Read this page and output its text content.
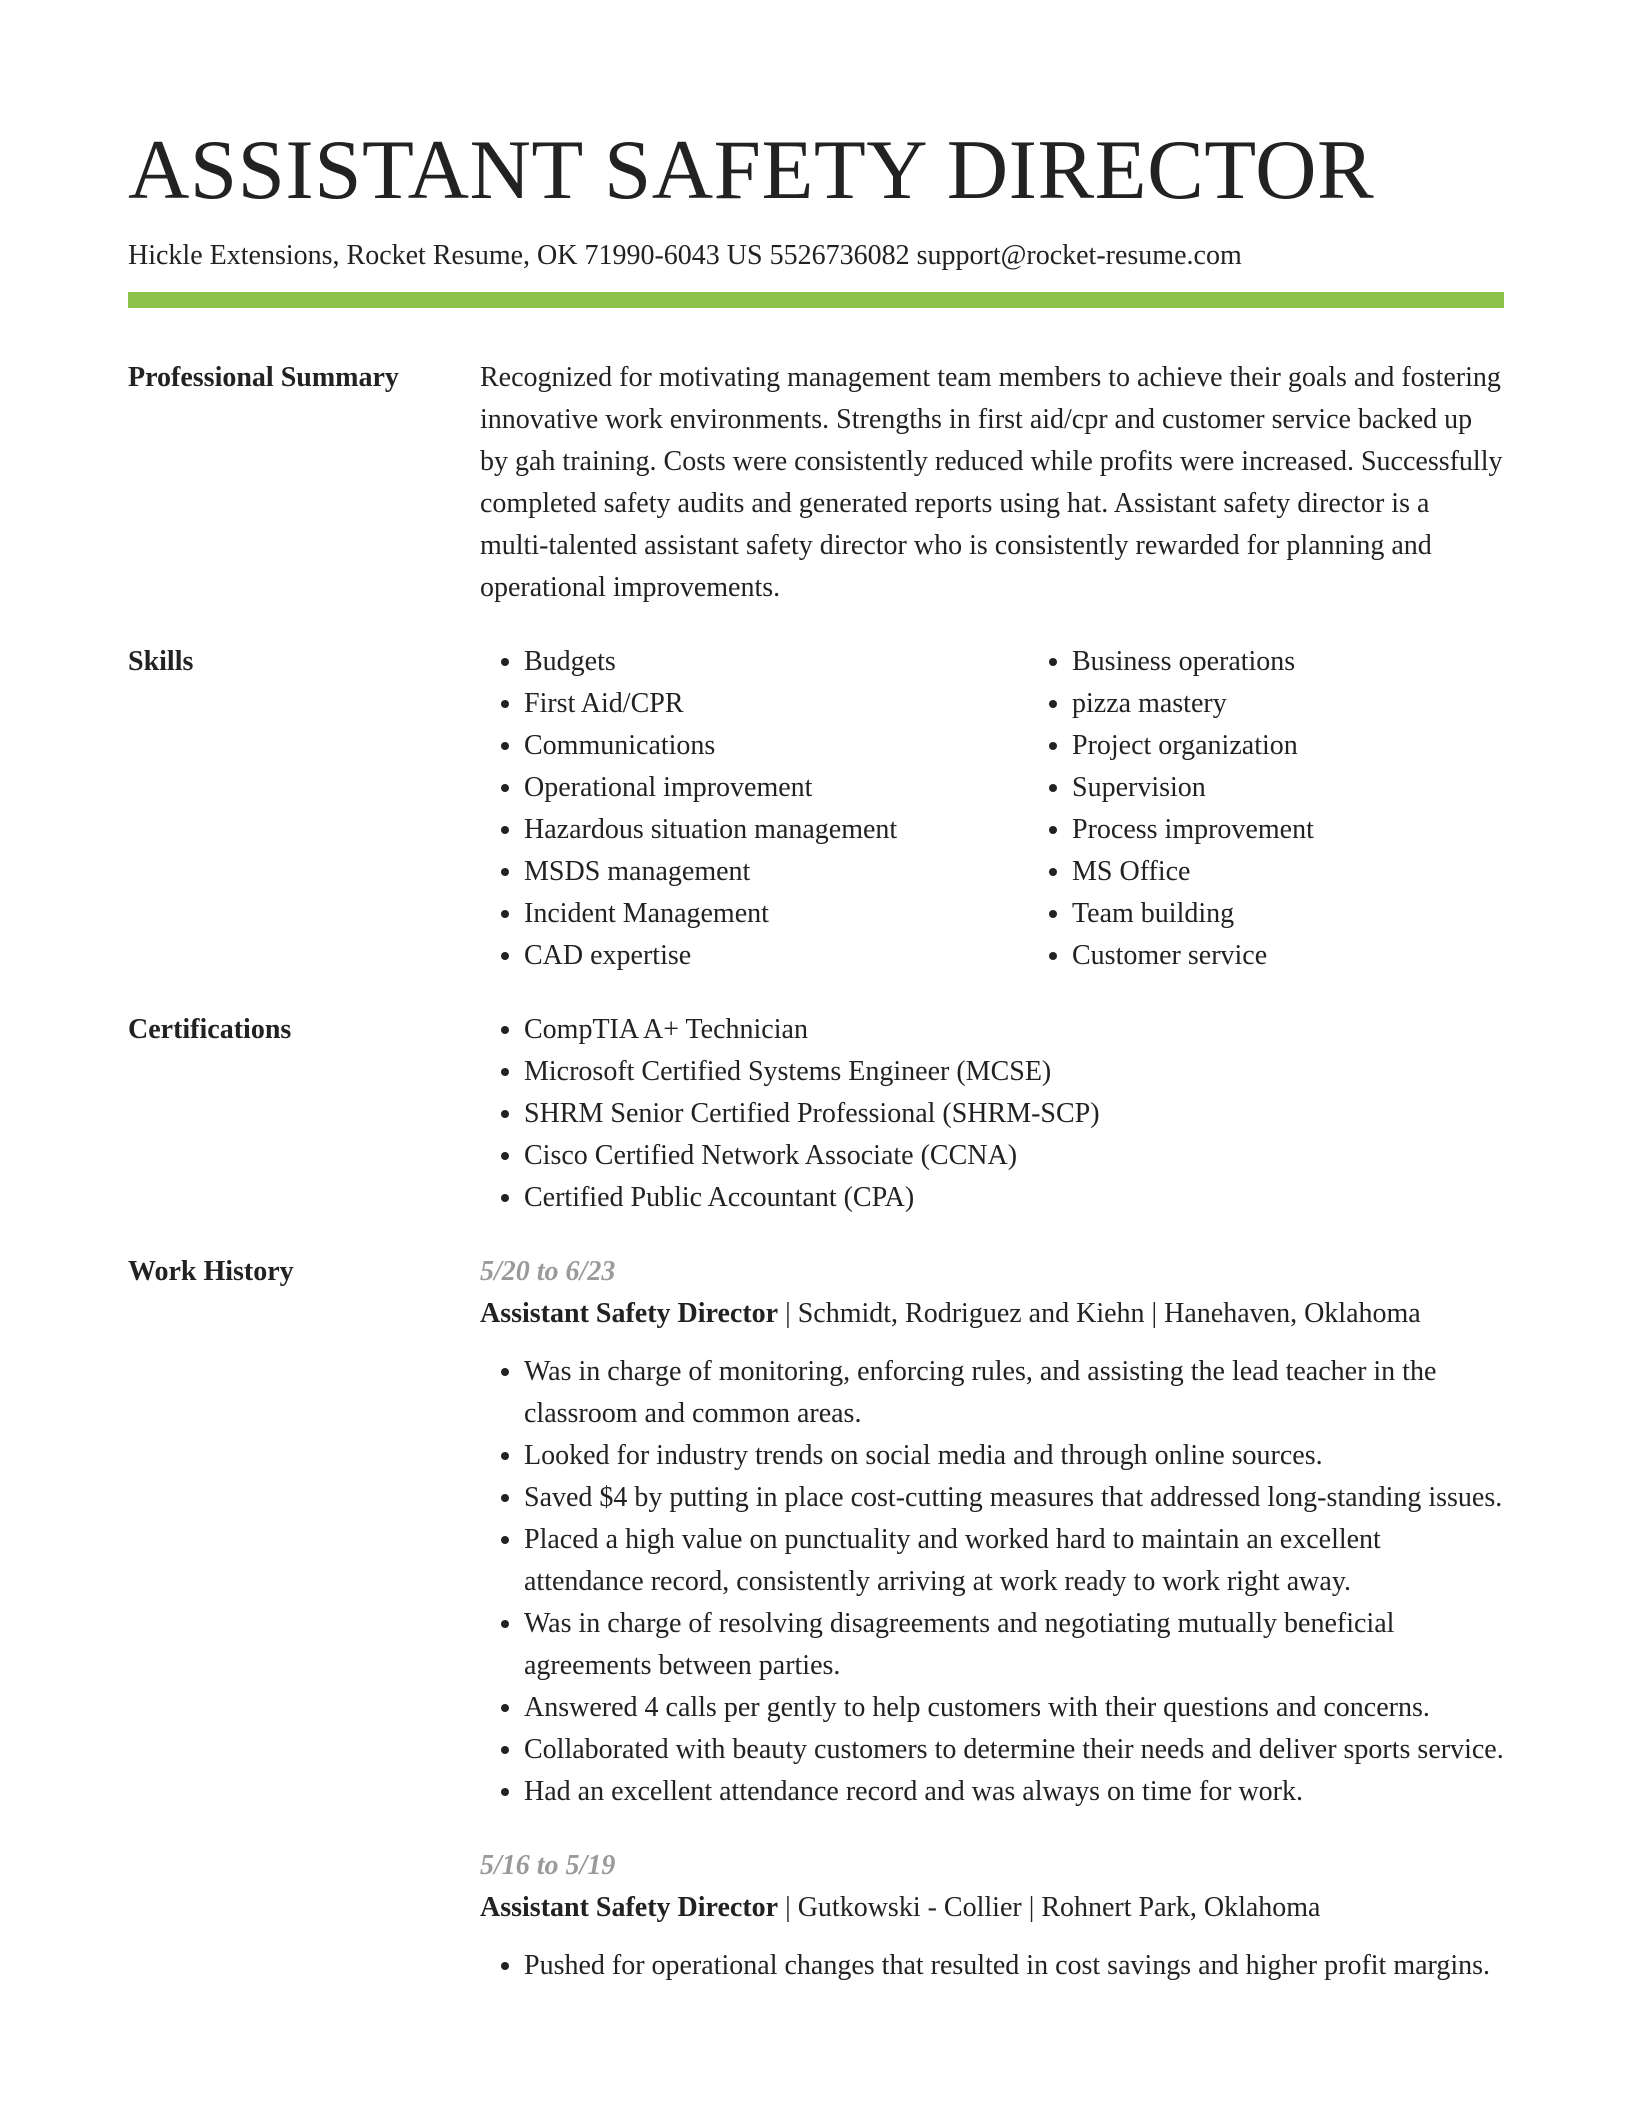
ASSISTANT SAFETY DIRECTOR
Hickle Extensions, Rocket Resume, OK 71990-6043 US 5526736082 support@rocket-resume.com
Professional Summary	Recognized for motivating management team members to achieve their goals and fostering innovative work environments. Strengths in first aid/cpr and customer service backed up by gah training. Costs were consistently reduced while profits were increased. Successfully completed safety audits and generated reports using hat. Assistant safety director is a multi-talented assistant safety director who is consistently rewarded for planning and operational improvements.
Skills	• Budgets
• First Aid/CPR
• Communications
• Operational improvement
• Hazardous situation management
• MSDS management
• Incident Management
• CAD expertise
• Business operations
• pizza mastery
• Project organization
• Supervision
• Process improvement
• MS Office
• Team building
• Customer service
Certifications	• CompTIA A+ Technician
• Microsoft Certified Systems Engineer (MCSE)
• SHRM Senior Certified Professional (SHRM-SCP)
• Cisco Certified Network Associate (CCNA)
• Certified Public Accountant (CPA)
Work History	5/20 to 6/23
Assistant Safety Director | Schmidt, Rodriguez and Kiehn | Hanehaven, Oklahoma
• Was in charge of monitoring, enforcing rules, and assisting the lead teacher in the classroom and common areas.
• Looked for industry trends on social media and through online sources.
• Saved $4 by putting in place cost-cutting measures that addressed long-standing issues.
• Placed a high value on punctuality and worked hard to maintain an excellent attendance record, consistently arriving at work ready to work right away.
• Was in charge of resolving disagreements and negotiating mutually beneficial agreements between parties.
• Answered 4 calls per gently to help customers with their questions and concerns.
• Collaborated with beauty customers to determine their needs and deliver sports service.
• Had an excellent attendance record and was always on time for work.
5/16 to 5/19
Assistant Safety Director | Gutkowski - Collier | Rohnert Park, Oklahoma
• Pushed for operational changes that resulted in cost savings and higher profit margins.
